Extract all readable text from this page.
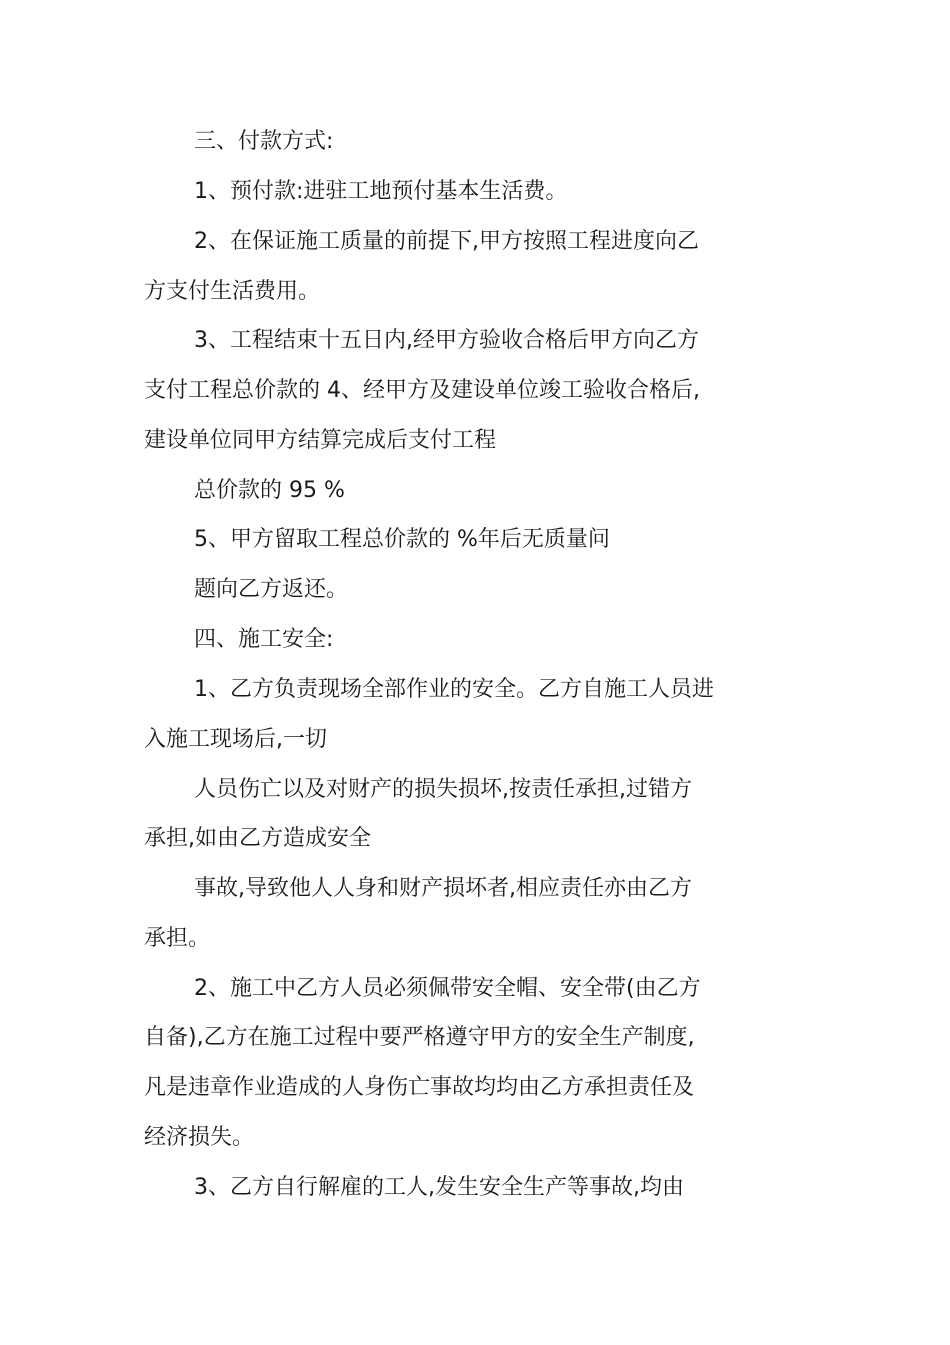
三、付款方式:
1、预付款:进驻工地预付基本生活费。
2、在保证施工质量的前提下,甲方按照工程进度向乙
方支付生活费用。
3、工程结束十五日内,经甲方验收合格后甲方向乙方
支付工程总价款的 4、经甲方及建设单位竣工验收合格后,
建设单位同甲方结算完成后支付工程
总价款的 95 %
5、甲方留取工程总价款的 %年后无质量问
题向乙方返还。
四、施工安全:
1、乙方负责现场全部作业的安全。乙方自施工人员进
入施工现场后,一切
人员伤亡以及对财产的损失损坏,按责任承担,过错方
承担,如由乙方造成安全
事故,导致他人人身和财产损坏者,相应责任亦由乙方
承担。
2、施工中乙方人员必须佩带安全帽、安全带(由乙方
自备),乙方在施工过程中要严格遵守甲方的安全生产制度,
凡是违章作业造成的人身伤亡事故均均由乙方承担责任及
经济损失。
3、乙方自行解雇的工人,发生安全生产等事故,均由
